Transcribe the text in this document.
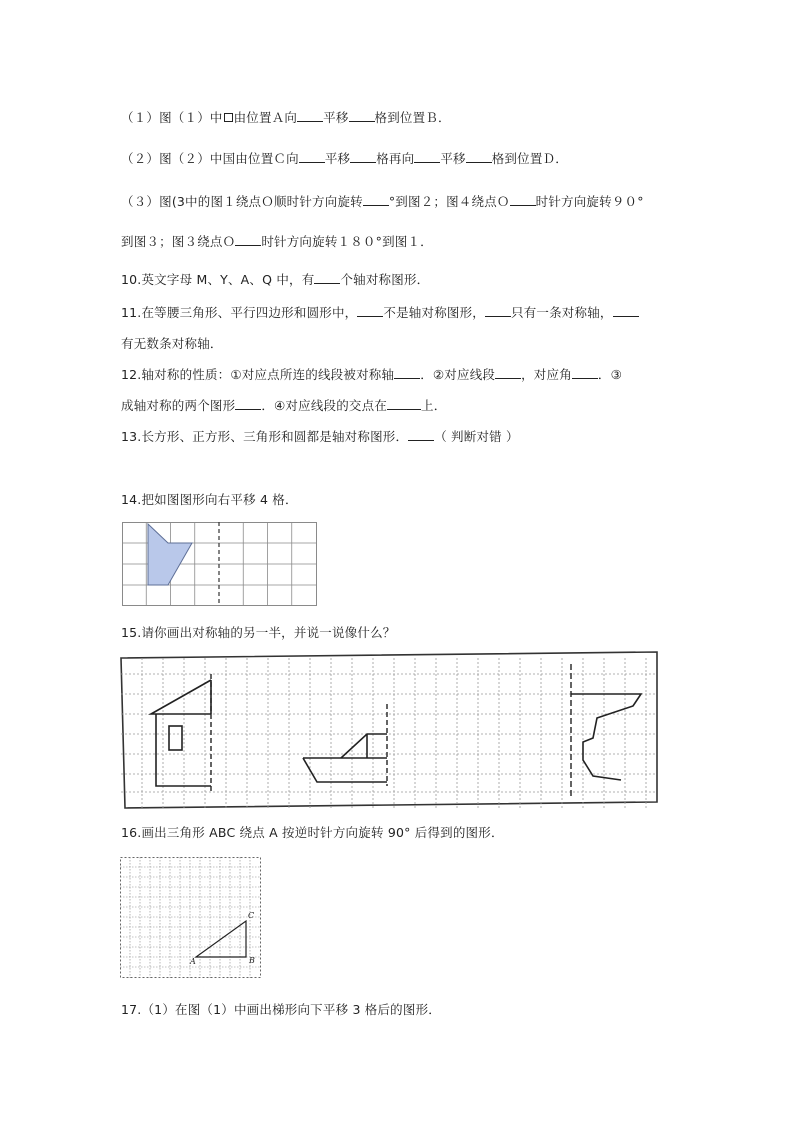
（１）图（１）中 由位置Ａ向 平移 格到位置Ｂ．
（２）图（２）中国由位置Ｃ向 平移 格再向 平移 格到位置Ｄ．
（３）图(3中的图１绕点Ｏ顺时针方向旋转 °到图２；图４绕点Ｏ 时针方向旋转９０°
到图３；图３绕点Ｏ 时针方向旋转１８０°到图１．
10.英文字母 M、Y、A、Q 中，有 个轴对称图形．
11.在等腰三角形、平行四边形和圆形中， 不是轴对称图形， 只有一条对称轴，
有无数条对称轴．
12.轴对称的性质：①对应点所连的线段被对称轴 ．②对应线段 ，对应角 ．③
成轴对称的两个图形 ．④对应线段的交点在	上．
13.长方形、正方形、三角形和圆都是轴对称图形． （ 判断对错 ）
14.把如图图形向右平移 4 格．
15.请你画出对称轴的另一半，并说一说像什么？
16.画出三角形 ABC 绕点 A 按逆时针方向旋转 90° 后得到的图形．
A	B
C
17.（1）在图（1）中画出梯形向下平移 3 格后的图形．
